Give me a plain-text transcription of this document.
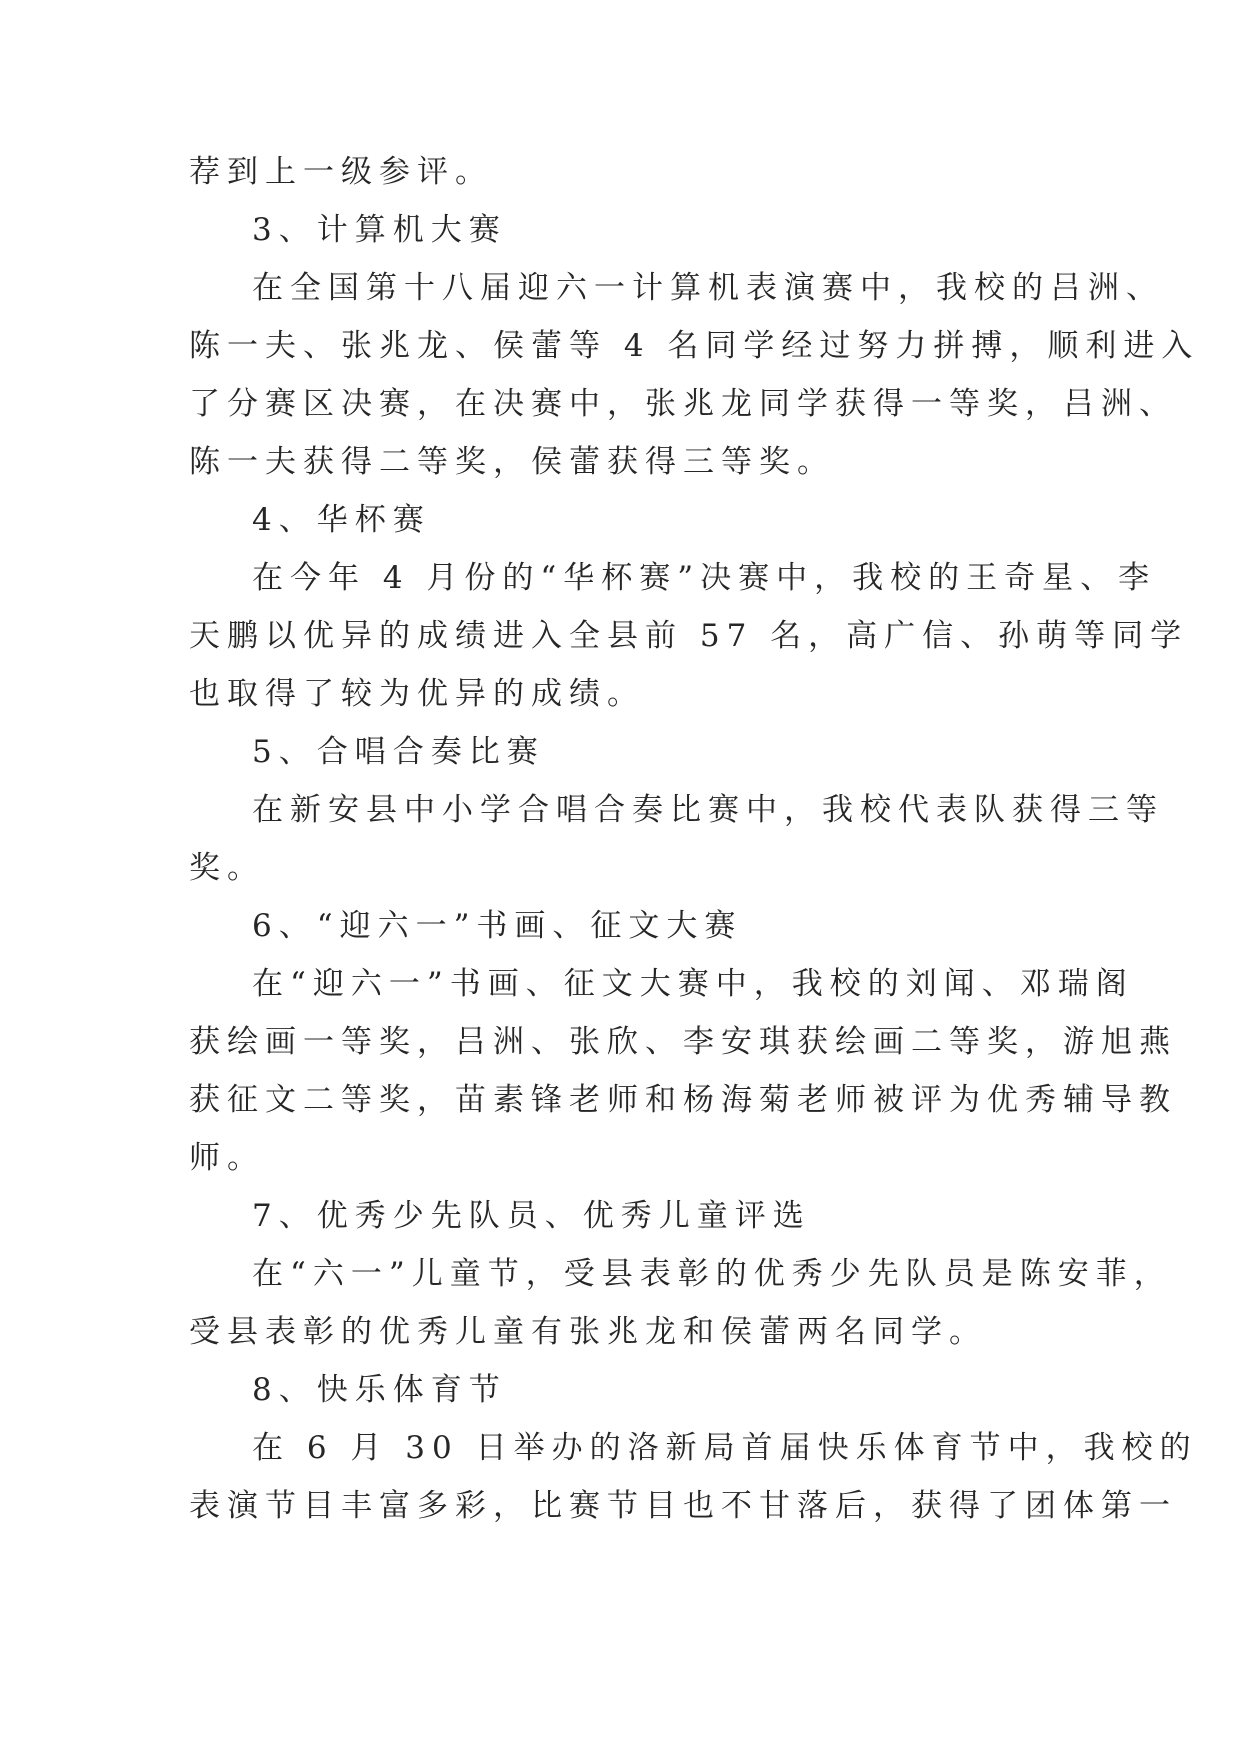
荐到上一级参评。
3、计算机大赛
在全国第十八届迎六一计算机表演赛中，我校的吕洲、
陈一夫、张兆龙、侯蕾等 4 名同学经过努力拼搏，顺利进入
了分赛区决赛，在决赛中，张兆龙同学获得一等奖，吕洲、
陈一夫获得二等奖，侯蕾获得三等奖。
4、华杯赛
在今年 4 月份的“华杯赛”决赛中，我校的王奇星、李
天鹏以优异的成绩进入全县前 57 名，高广信、孙萌等同学
也取得了较为优异的成绩。
5、合唱合奏比赛
在新安县中小学合唱合奏比赛中，我校代表队获得三等
奖。
6、“迎六一”书画、征文大赛
在“迎六一”书画、征文大赛中，我校的刘闻、邓瑞阁
获绘画一等奖，吕洲、张欣、李安琪获绘画二等奖，游旭燕
获征文二等奖，苗素锋老师和杨海菊老师被评为优秀辅导教
师。
7、优秀少先队员、优秀儿童评选
在“六一”儿童节，受县表彰的优秀少先队员是陈安菲，
受县表彰的优秀儿童有张兆龙和侯蕾两名同学。
8、快乐体育节
在 6 月 30 日举办的洛新局首届快乐体育节中，我校的
表演节目丰富多彩，比赛节目也不甘落后，获得了团体第一
